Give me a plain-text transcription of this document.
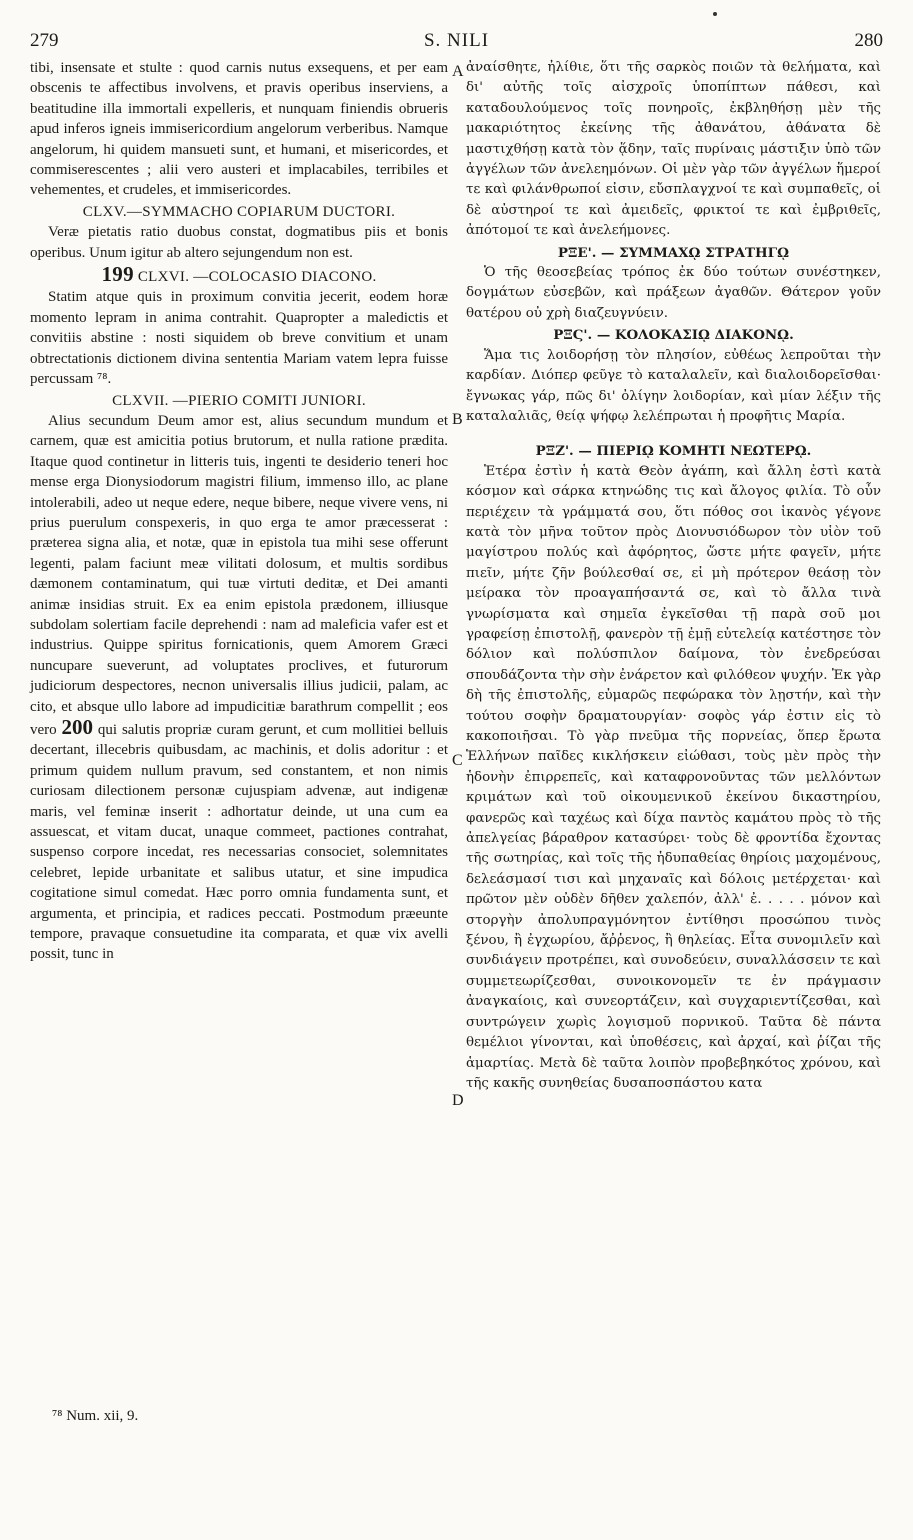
279	S. NILI	280
A
B
C
D

tibi, insensate et stulte : quod carnis nutus exsequens, et per eam obscenis te affectibus involvens, et pravis operibus inserviens, a beatitudine illa immortali expelleris, et nunquam finiendis obrueris apud inferos igneis immisericordium angelorum verberibus. Namque angelorum, hi quidem mansueti sunt, et humani, et misericordes, et commiserescentes ; alii vero austeri et implacabiles, terribiles et vehementes, et crudeles, et immisericordes.

CLXV.—SYMMACHO COPIARUM DUCTORI.

Veræ pietatis ratio duobus constat, dogmatibus piis et bonis operibus. Unum igitur ab altero sejungendum non est.

199 CLXVI. —COLOCASIO DIACONO.

Statim atque quis in proximum convitia jecerit, eodem horæ momento lepram in anima contrahit. Quapropter a maledictis et convitiis abstine : nosti siquidem ob breve convitium et unam obtrectationis dictionem divina sententia Mariam vatem lepra fuisse percussam ⁷⁸.

CLXVII. —PIERIO COMITI JUNIORI.

Alius secundum Deum amor est, alius secundum mundum et carnem, quæ est amicitia potius brutorum, et nulla ratione prædita. Itaque quod continetur in litteris tuis, ingenti te desiderio teneri hoc mense erga Dionysiodorum magistri filium, immenso illo, ac plane intolerabili, adeo ut neque edere, neque bibere, neque vivere vens, ni prius puerulum conspexeris, in quo erga te amor præcesserat : præterea signa alia, et notæ, quæ in epistola tua mihi sese offerunt legenti, palam faciunt meæ vilitati dolosum, et multis sordibus dæmonem contaminatum, qui tuæ virtuti deditæ, et Dei amanti animæ insidias struit. Ex ea enim epistola prædonem, illiusque subdolam solertiam facile deprehendi : nam ad maleficia vafer est et industrius. Quippe spiritus fornicationis, quem Amorem Græci nuncupare sueverunt, ad voluptates proclives, et futurorum judiciorum despectores, necnon universalis illius judicii, palam, ac cito, et absque ullo labore ad impudicitiæ barathrum compellit ; eos vero 200 qui salutis propriæ curam gerunt, et cum mollitiei belluis decertant, illecebris quibusdam, ac machinis, et dolis adoritur : et primum quidem nullum pravum, sed constantem, et non nimis curiosam dilectionem personæ cujuspiam advenæ, aut indigenæ maris, vel feminæ inserit : adhortatur deinde, ut una cum ea assuescat, et vitam ducat, unaque commeet, pactiones contrahat, suspenso corpore incedat, res necessarias consociet, solemnitates celebret, lepide urbanitate et salibus utatur, et sine impudica cogitatione simul comedat. Hæc porro omnia fundamenta sunt, et argumenta, et principia, et radices peccati. Postmodum præeunte tempore, pravaque consuetudine ita comparata, et quæ vix avelli possit, tunc in

ἀναίσθητε, ἠλίθιε, ὅτι τῆς σαρκὸς ποιῶν τὰ θελήματα, καὶ δι' αὐτῆς τοῖς αἰσχροῖς ὑποπίπτων πάθεσι, καὶ καταδουλούμενος τοῖς πονηροῖς, ἐκβληθήσῃ μὲν τῆς μακαριότητος ἐκείνης τῆς ἀθανάτου, ἀθάνατα δὲ μαστιχθήσῃ κατὰ τὸν ᾅδην, ταῖς πυρίναις μάστιξιν ὑπὸ τῶν ἀγγέλων τῶν ἀνελεημόνων. Οἱ μὲν γὰρ τῶν ἀγγέλων ἥμεροί τε καὶ φιλάνθρωποί εἰσιν, εὔσπλαγχνοί τε καὶ συμπαθεῖς, οἱ δὲ αὐστηροί τε καὶ ἀμειδεῖς, φρικτοί τε καὶ ἐμβριθεῖς, ἀπότομοί τε καὶ ἀνελεήμονες.

ΡΞΕ'. — ΣΥΜΜΑΧῼ ΣΤΡΑΤΗΓῼ

Ὁ τῆς θεοσεβείας τρόπος ἐκ δύο τούτων συνέστηκεν, δογμάτων εὐσεβῶν, καὶ πράξεων ἀγαθῶν. Θάτερον γοῦν θατέρου οὐ χρὴ διαζευγνύειν.

ΡΞϚ'. — ΚΟΛΟΚΑΣΙῼ ΔΙΑΚΟΝῼ.

Ἅμα τις λοιδορήσῃ τὸν πλησίον, εὐθέως λεπροῦται τὴν καρδίαν. Διόπερ φεῦγε τὸ καταλαλεῖν, καὶ διαλοιδορεῖσθαι· ἔγνωκας γάρ, πῶς δι' ὀλίγην λοιδορίαν, καὶ μίαν λέξιν τῆς καταλαλιᾶς, θείᾳ ψήφῳ λελέπρωται ἡ προφῆτις Μαρία.

ΡΞΖ'. — ΠΙΕΡΙῼ ΚΟΜΗΤΙ ΝΕΩΤΕΡῼ.

Ἑτέρα ἐστὶν ἡ κατὰ Θεὸν ἀγάπη, καὶ ἄλλη ἐστὶ κατὰ κόσμον καὶ σάρκα κτηνώδης τις καὶ ἄλογος φιλία. Τὸ οὖν περιέχειν τὰ γράμματά σου, ὅτι πόθος σοι ἱκανὸς γέγονε κατὰ τὸν μῆνα τοῦτον πρὸς Διονυσιόδωρον τὸν υἱὸν τοῦ μαγίστρου πολύς καὶ ἀφόρητος, ὥστε μήτε φαγεῖν, μήτε πιεῖν, μήτε ζῆν βούλεσθαί σε, εἰ μὴ πρότερον θεάσῃ τὸν μείρακα τὸν προαγαπήσαντά σε, καὶ τὸ ἄλλα τινὰ γνωρίσματα καὶ σημεῖα ἐγκεῖσθαι τῇ παρὰ σοῦ μοι γραφείσῃ ἐπιστολῇ, φανερὸν τῇ ἐμῇ εὐτελείᾳ κατέστησε τὸν δόλιον καὶ πολύσπιλον δαίμονα, τὸν ἐνεδρεύσαι σπουδάζοντα τὴν σὴν ἐνάρετον καὶ φιλόθεον ψυχήν. Ἐκ γὰρ δὴ τῆς ἐπιστολῆς, εὐμαρῶς πεφώρακα τὸν λῃστήν, καὶ τὴν τούτου σοφὴν δραματουργίαν· σοφὸς γάρ ἐστιν εἰς τὸ κακοποιῆσαι. Τὸ γὰρ πνεῦμα τῆς πορνείας, ὅπερ ἔρωτα Ἑλλήνων παῖδες κικλήσκειν εἰώθασι, τοὺς μὲν πρὸς τὴν ἡδονὴν ἐπιρρεπεῖς, καὶ καταφρονοῦντας τῶν μελλόντων κριμάτων καὶ τοῦ οἰκουμενικοῦ ἐκείνου δικαστηρίου, φανερῶς καὶ ταχέως καὶ δίχα παντὸς καμάτου πρὸς τὸ τῆς ἀπελγείας βάραθρον κατασύρει· τοὺς δὲ φροντίδα ἔχοντας τῆς σωτηρίας, καὶ τοῖς τῆς ἡδυπαθείας θηρίοις μαχομένους, δελεάσμασί τισι καὶ μηχαναῖς καὶ δόλοις μετέρχεται· καὶ πρῶτον μὲν οὐδὲν δῆθεν χαλεπόν, ἀλλ' ἐ. . . . . μόνον καὶ στοργὴν ἀπολυπραγμόνητον ἐντίθησι προσώπου τινὸς ξένου, ἢ ἐγχωρίου, ἄῤῥενος, ἢ θηλείας. Εἶτα συνομιλεῖν καὶ συνδιάγειν προτρέπει, καὶ συνοδεύειν, συναλλάσσειν τε καὶ συμμετεωρίζεσθαι, συνοικονομεῖν τε ἐν πράγμασιν ἀναγκαίοις, καὶ συνεορτάζειν, καὶ συγχαριεντίζεσθαι, καὶ συντρώγειν χωρὶς λογισμοῦ πορνικοῦ. Ταῦτα δὲ πάντα θεμέλιοι γίνονται, καὶ ὑποθέσεις, καὶ ἀρχαί, καὶ ῥίζαι τῆς ἁμαρτίας. Μετὰ δὲ ταῦτα λοιπὸν προβεβηκότος χρόνου, καὶ τῆς κακῆς συνηθείας δυσαποσπάστου κατα

⁷⁸ Num. xii, 9.
